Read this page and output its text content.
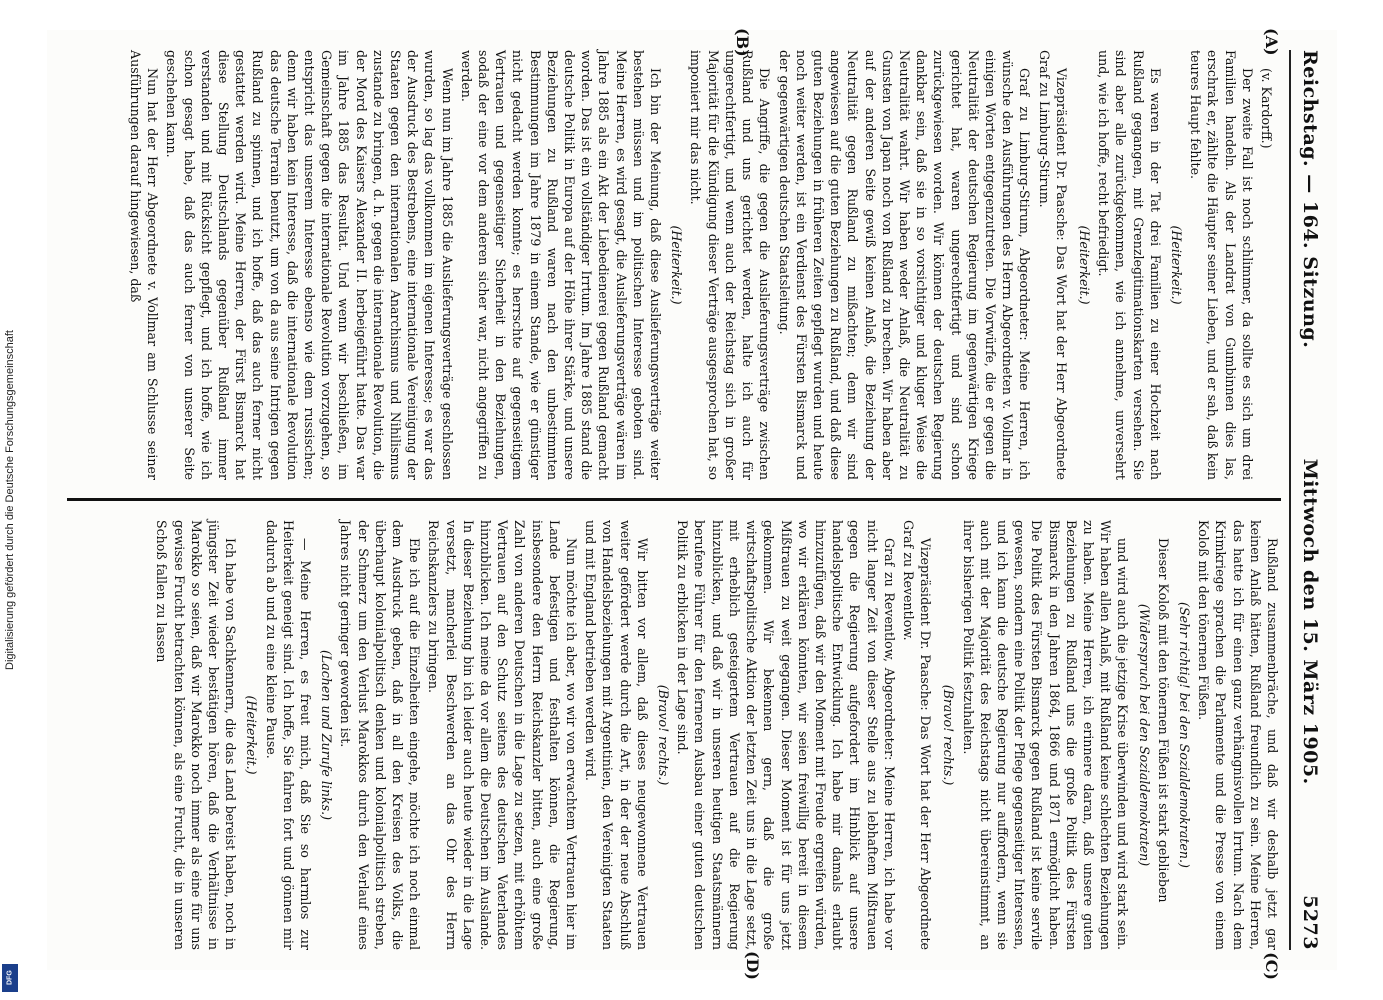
Digitalisierung gefördert durch die Deutsche Forschungsgemeinschaft
DFG
Reichstag. — 164. Sitzung.
Mittwoch den 15. März 1905.
5273
(A)
(B)
(C)
(D)

(v. Kardorff.)

Der zweite Fall ist noch schlimmer, da sollte es sich um drei Familien handeln. Als der Landrat von Gumbinnen dies las, erschrak er, zählte die Häupter seiner Lieben, und er sah, daß kein teures Haupt fehlte.

(Heiterkeit.)

Es waren in der Tat drei Familien zu einer Hochzeit nach Rußland gegangen, mit Grenzlegitimationskarten versehen. Sie sind aber alle zurückgekommen, wie ich annehme, unversehrt und, wie ich hoffe, recht befriedigt.

(Heiterkeit.)

Vizepräsident Dr. Paasche: Das Wort hat der Herr Abgeordnete Graf zu Limburg-Stirum.

Graf zu Limburg-Stirum, Abgeordneter: Meine Herren, ich wünsche den Ausführungen des Herrn Abgeordneten v. Vollmar in einigen Worten entgegenzutreten. Die Vorwürfe, die er gegen die Neutralität der deutschen Regierung im gegenwärtigen Kriege gerichtet hat, waren ungerechtfertigt und sind schon zurückgewiesen worden. Wir können der deutschen Regierung dankbar sein, daß sie in so vorsichtiger und kluger Weise die Neutralität wahrt. Wir haben weder Anlaß, die Neutralität zu Gunsten von Japan noch von Rußland zu brechen. Wir haben aber auf der anderen Seite gewiß keinen Anlaß, die Beziehung der Neutralität gegen Rußland zu mißachten; denn wir sind angewiesen auf die guten Beziehungen zu Rußland, und daß diese guten Beziehungen in früheren Zeiten gepflegt wurden und heute noch weiter werden, ist ein Verdienst des Fürsten Bismarck und der gegenwärtigen deutschen Staatsleitung.

Die Angriffe, die gegen die Auslieferungsverträge zwischen Rußland und uns gerichtet werden, halte ich auch für ungerechtfertigt, und wenn auch der Reichstag sich in großer Majorität für die Kündigung dieser Verträge ausgesprochen hat, so imponiert mir das nicht.

(Heiterkeit.)

Ich bin der Meinung, daß diese Auslieferungsverträge weiter bestehen müssen und im politischen Interesse geboten sind. Meine Herren, es wird gesagt, die Auslieferungsverträge wären im Jahre 1885 als ein Akt der Liebedienerei gegen Rußland gemacht worden. Das ist ein vollständiger Irrtum. Im Jahre 1885 stand die deutsche Politik in Europa auf der Höhe ihrer Stärke, und unsere Beziehungen zu Rußland waren nach den unbestimmten Bestimmungen im Jahre 1879 in einem Stande, wie er günstiger nicht gedacht werden konnte; es herrschte auf gegenseitigem Vertrauen und gegenseitiger Sicherheit in den Beziehungen, sodaß der eine vor dem anderen sicher war, nicht angegriffen zu werden.

Wenn nun im Jahre 1885 die Auslieferungsverträge geschlossen wurden, so lag das vollkommen im eigenen Interesse; es war das der Ausdruck des Bestrebens, eine internationale Vereinigung der Staaten gegen den internationalen Anarchismus und Nihilismus zustande zu bringen, d. h. gegen die internationale Revolution, die der Mord des Kaisers Alexander II. herbeigeführt hatte. Das war im Jahre 1885 das Resultat. Und wenn wir beschließen, im Gemeinschaft gegen die internationale Revolution vorzugehen, so entspricht das unserem Interesse ebenso wie dem russischen; denn wir haben kein Interesse, daß die internationale Revolution das deutsche Terrain benutzt, um von da aus seine Intrigen gegen Rußland zu spinnen, und ich hoffe, daß das auch ferner nicht gestattet werden wird. Meine Herren, der Fürst Bismarck hat diese Stellung Deutschlands gegenüber Rußland immer verstanden und mit Rücksicht gepflegt, und ich hoffe, wie ich schon gesagt habe, daß das auch ferner von unserer Seite geschehen kann.

Nun hat der Herr Abgeordnete v. Vollmar am Schlusse seiner Ausführungen darauf hingewiesen, daß

Rußland zusammenbräche, und daß wir deshalb jetzt gar keinen Anlaß hätten, Rußland freundlich zu sein. Meine Herren, das hatte ich für einen ganz verhängnisvollen Irrtum. Nach dem Krimkriege sprachen die Parlamente und die Presse von einem Koloß mit den tönernen Füßen.

(Sehr richtig! bei den Sozialdemokraten.)

Dieser Koloß mit den tönernen Füßen ist stark geblieben

(Widerspruch bei den Sozialdemokraten)

und wird auch die jetzige Krise überwinden und wird stark sein. Wir haben allen Anlaß, mit Rußland keine schlechten Beziehungen zu haben. Meine Herren, ich erinnere daran, daß unsere guten Beziehungen zu Rußland uns die große Politik des Fürsten Bismarck in den Jahren 1864, 1866 und 1871 ermöglicht haben. Die Politik des Fürsten Bismarck gegen Rußland ist keine servile gewesen, sondern eine Politik der Pflege gegenseitiger Interessen, und ich kann die deutsche Regierung nur auffordern, wenn sie auch mit der Majorität des Reichstags nicht übereinstimmt, an ihrer bisherigen Politik festzuhalten.

(Bravo! rechts.)

Vizepräsident Dr. Paasche: Das Wort hat der Herr Abgeordnete Graf zu Reventlow.

Graf zu Reventlow, Abgeordneter: Meine Herren, ich habe vor nicht langer Zeit von dieser Stelle aus zu lebhaftem Mißtrauen gegen die Regierung aufgefordert im Hinblick auf unsere handelspolitische Entwicklung. Ich habe mir damals erlaubt hinzuzufügen, daß wir den Moment mit Freude ergreifen würden, wo wir erklären könnten, wir seien freiwillig bereit in diesem Mißtrauen zu weit gegangen. Dieser Moment ist für uns jetzt gekommen. Wir bekennen gern, daß die große wirtschaftspolitische Aktion der letzten Zeit uns in die Lage setzt, mit erheblich gesteigertem Vertrauen auf die Regierung hinzublicken, und daß wir in unseren heutigen Staatsmännern berufene Führer für den ferneren Ausbau einer guten deutschen Politik zu erblicken in der Lage sind.

(Bravo! rechts.)

Wir bitten vor allem, daß dieses neugewonnene Vertrauen weiter gefördert werde durch die Art, in der der neue Abschluß von Handelsbeziehungen mit Argentinien, den Vereinigten Staaten und mit England betrieben werden wird.

Nun möchte ich aber, wo wir von erwachtem Vertrauen hier im Lande befestigen und festhalten können, die Regierung, insbesondere den Herrn Reichskanzler bitten, auch eine große Zahl von anderen Deutschen in die Lage zu setzen, mit erhöhtem Vertrauen auf den Schutz seitens des deutschen Vaterlandes hinzublicken. Ich meine da vor allem die Deutschen im Auslande. In dieser Beziehung bin ich leider auch heute wieder in die Lage versetzt, mancherlei Beschwerden an das Ohr des Herrn Reichskanzlers zu bringen.

Ehe ich auf die Einzelheiten eingehe, möchte ich noch einmal dem Ausdruck geben, daß in all den Kreisen des Volks, die überhaupt kolonialpolitisch denken und kolonialpolitisch streben, der Schmerz um den Verlust Marokkos durch den Verlauf eines Jahres nicht geringer geworden ist.

(Lachen und Zurufe links.)

— Meine Herren, es freut mich, daß Sie so harmlos zur Heiterkeit geneigt sind. Ich hoffe, Sie fahren fort und gönnen mir dadurch ab und zu eine kleine Pause.

(Heiterkeit.)

Ich habe von Sachkennern, die das Land bereist haben, noch in jüngster Zeit wieder bestätigen hören, daß die Verhältnisse in Marokko so seien, daß wir Marokko noch immer als eine für uns gewisse Frucht betrachten können, als eine Frucht, die in unseren Schoß fallen zu lassen
